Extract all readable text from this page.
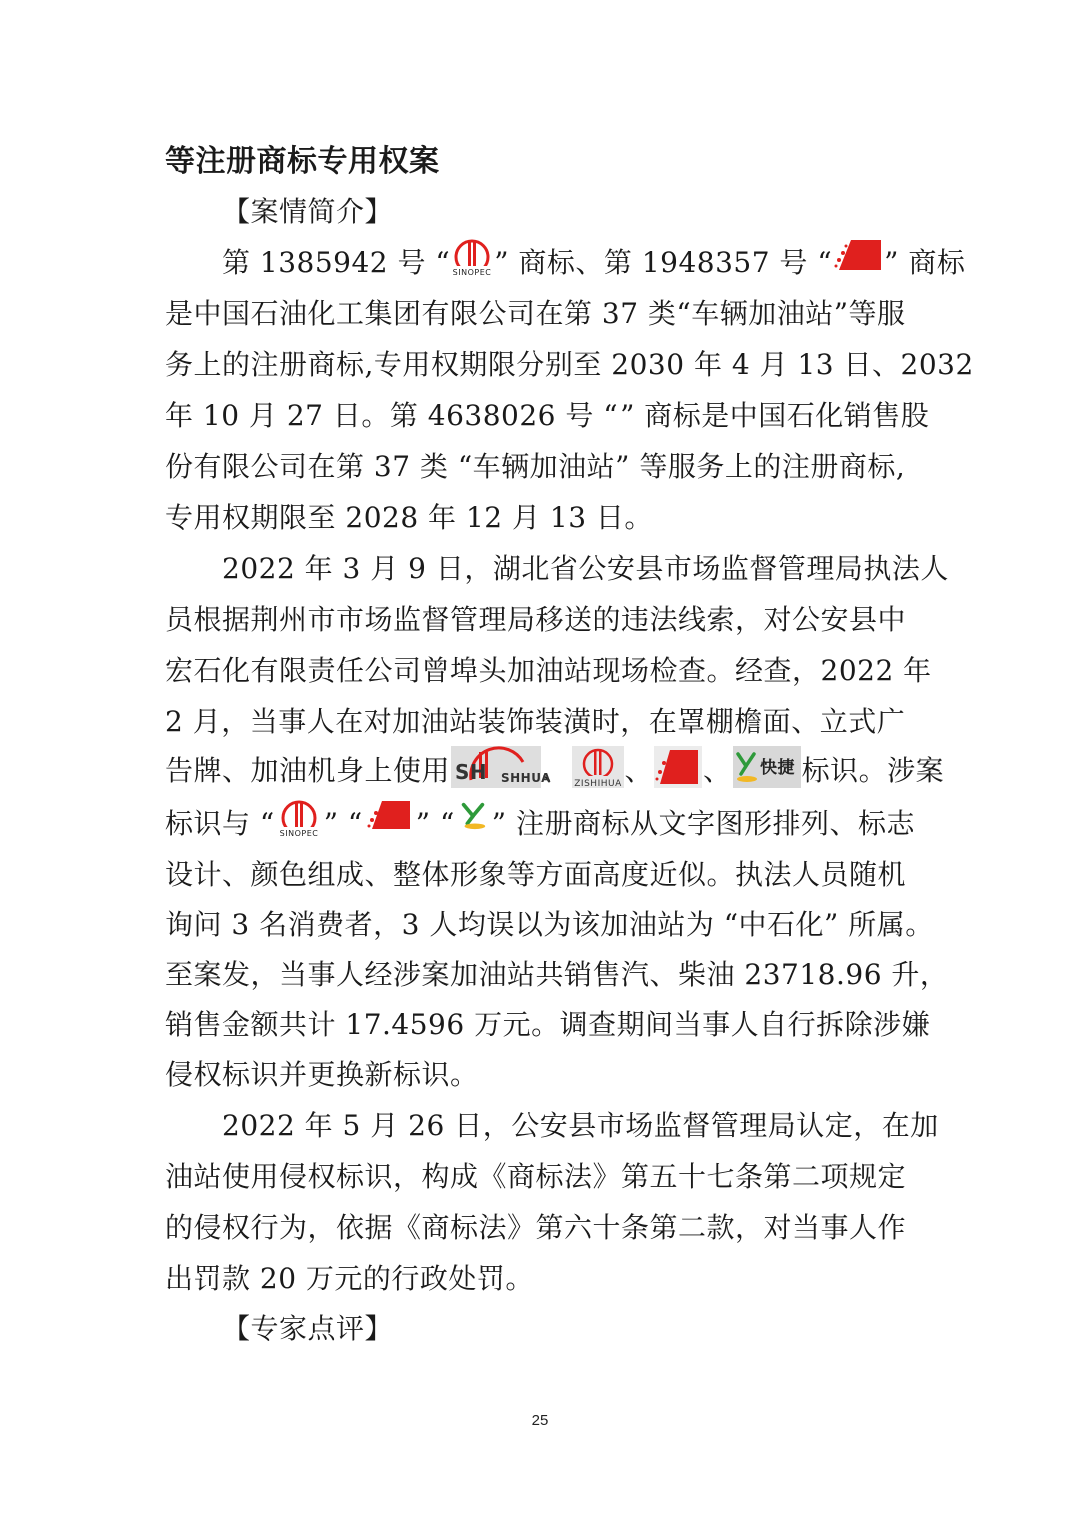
等注册商标专用权案
【案情简介】
第 1385942 号 “ SINOPEC ” 商标、第 1948357 号 “ ” 商标
是中国石油化工集团有限公司在第 37 类“车辆加油站”等服
务上的注册商标,专用权期限分别至 2030 年 4 月 13 日、2032
年 10 月 27 日。第 4638026 号 “ ” 商标是中国石化销售股
份有限公司在第 37 类 “车辆加油站” 等服务上的注册商标,
专用权期限至 2028 年 12 月 13 日。
2022 年 3 月 9 日，湖北省公安县市场监督管理局执法人
员根据荆州市市场监督管理局移送的违法线索，对公安县中
宏石化有限责任公司曾埠头加油站现场检查。经查，2022 年
2 月，当事人在对加油站装饰装潢时，在罩棚檐面、立式广
告牌、加油机身上使用 SH SHHUA
、 ZISHIHUA 、 、 快捷 标识。涉案
标识与 “ SINOPEC ” “ ” “ ” 注册商标从文字图形排列、标志
设计、颜色组成、整体形象等方面高度近似。执法人员随机
询问 3 名消费者，3 人均误以为该加油站为 “中石化” 所属。
至案发，当事人经涉案加油站共销售汽、柴油 23718.96 升，
销售金额共计 17.4596 万元。调查期间当事人自行拆除涉嫌
侵权标识并更换新标识。
2022 年 5 月 26 日，公安县市场监督管理局认定，在加
油站使用侵权标识，构成《商标法》第五十七条第二项规定
的侵权行为，依据《商标法》第六十条第二款，对当事人作
出罚款 20 万元的行政处罚。
【专家点评】
25
